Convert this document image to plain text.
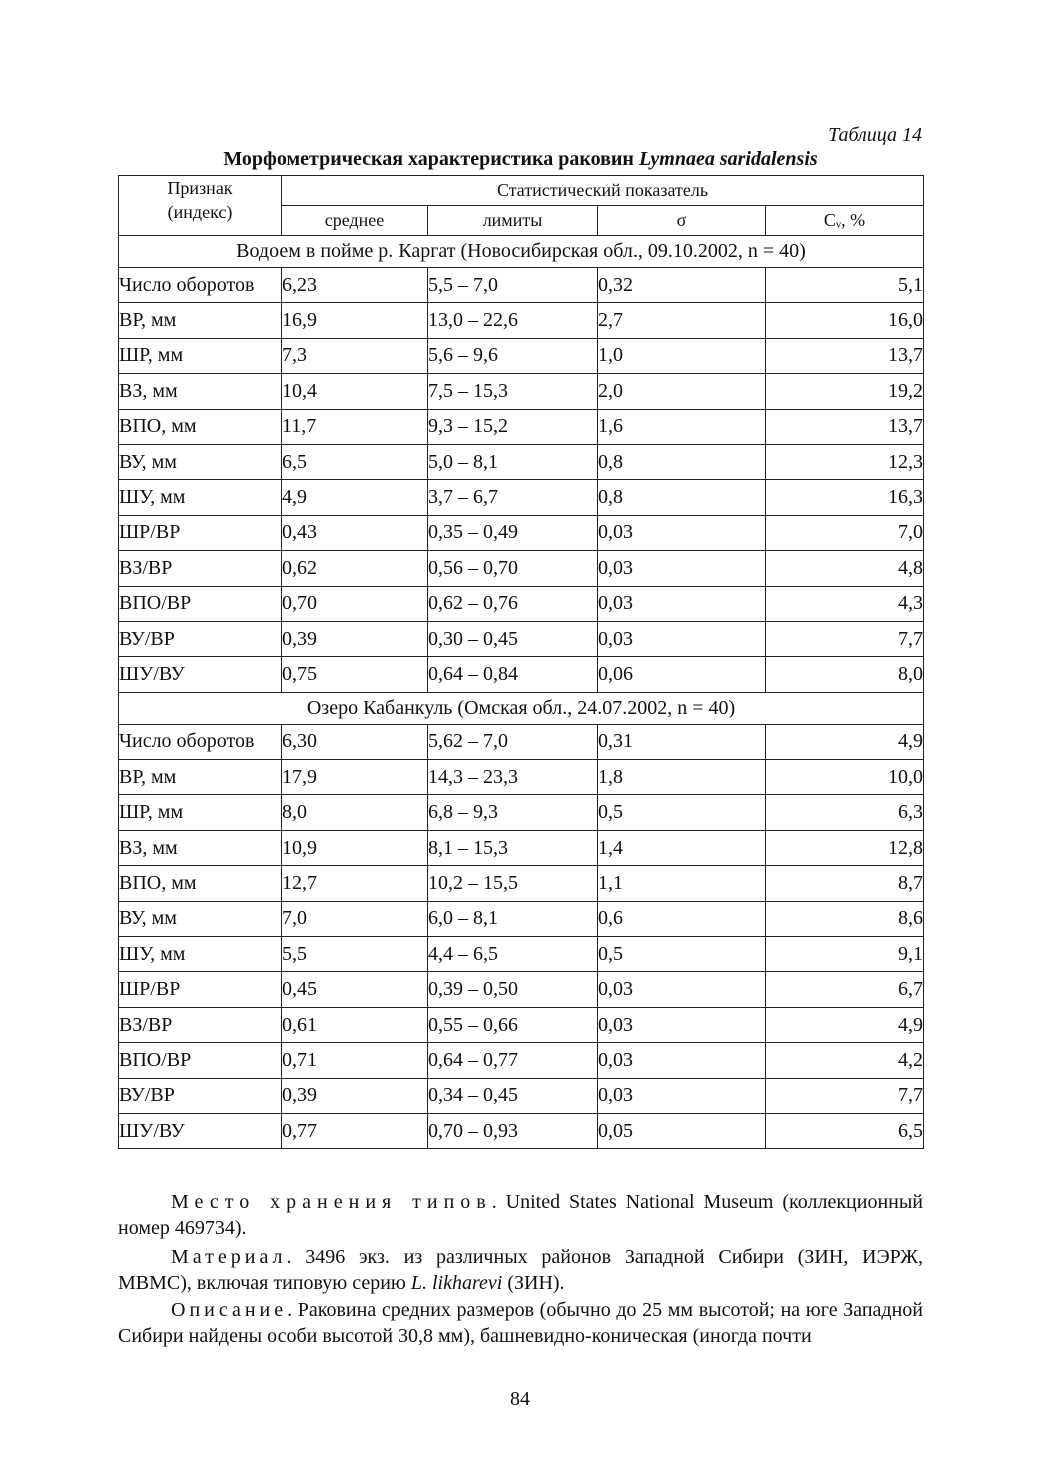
Таблица 14
Морфометрическая характеристика раковин Lymnaea saridalensis
Признак
(индекс)	Статистический показатель			
	среднее	лимиты	σ	Cᵥ, %
Водоем в пойме р. Каргат (Новосибирская обл., 09.10.2002, n = 40)				
Число оборотов	6,23	5,5 – 7,0	0,32	5,1
ВР, мм	16,9	13,0 – 22,6	2,7	16,0
ШР, мм	7,3	5,6 – 9,6	1,0	13,7
ВЗ, мм	10,4	7,5 – 15,3	2,0	19,2
ВПО, мм	11,7	9,3 – 15,2	1,6	13,7
ВУ, мм	6,5	5,0 – 8,1	0,8	12,3
ШУ, мм	4,9	3,7 – 6,7	0,8	16,3
ШР/ВР	0,43	0,35 – 0,49	0,03	7,0
ВЗ/ВР	0,62	0,56 – 0,70	0,03	4,8
ВПО/ВР	0,70	0,62 – 0,76	0,03	4,3
ВУ/ВР	0,39	0,30 – 0,45	0,03	7,7
ШУ/ВУ	0,75	0,64 – 0,84	0,06	8,0
Озеро Кабанкуль (Омская обл., 24.07.2002, n = 40)				
Число оборотов	6,30	5,62 – 7,0	0,31	4,9
ВР, мм	17,9	14,3 – 23,3	1,8	10,0
ШР, мм	8,0	6,8 – 9,3	0,5	6,3
ВЗ, мм	10,9	8,1 – 15,3	1,4	12,8
ВПО, мм	12,7	10,2 – 15,5	1,1	8,7
ВУ, мм	7,0	6,0 – 8,1	0,6	8,6
ШУ, мм	5,5	4,4 – 6,5	0,5	9,1
ШР/ВР	0,45	0,39 – 0,50	0,03	6,7
ВЗ/ВР	0,61	0,55 – 0,66	0,03	4,9
ВПО/ВР	0,71	0,64 – 0,77	0,03	4,2
ВУ/ВР	0,39	0,34 – 0,45	0,03	7,7
ШУ/ВУ	0,77	0,70 – 0,93	0,05	6,5
Место хранения типов. United States National Museum (коллекционный номер 469734).
Материал. 3496 экз. из различных районов Западной Сибири (ЗИН, ИЭРЖ, МВМС), включая типовую серию L. likharevi (ЗИН).
Описание. Раковина средних размеров (обычно до 25 мм высотой; на юге Западной Сибири найдены особи высотой 30,8 мм), башневидно-коническая (иногда почти
84
